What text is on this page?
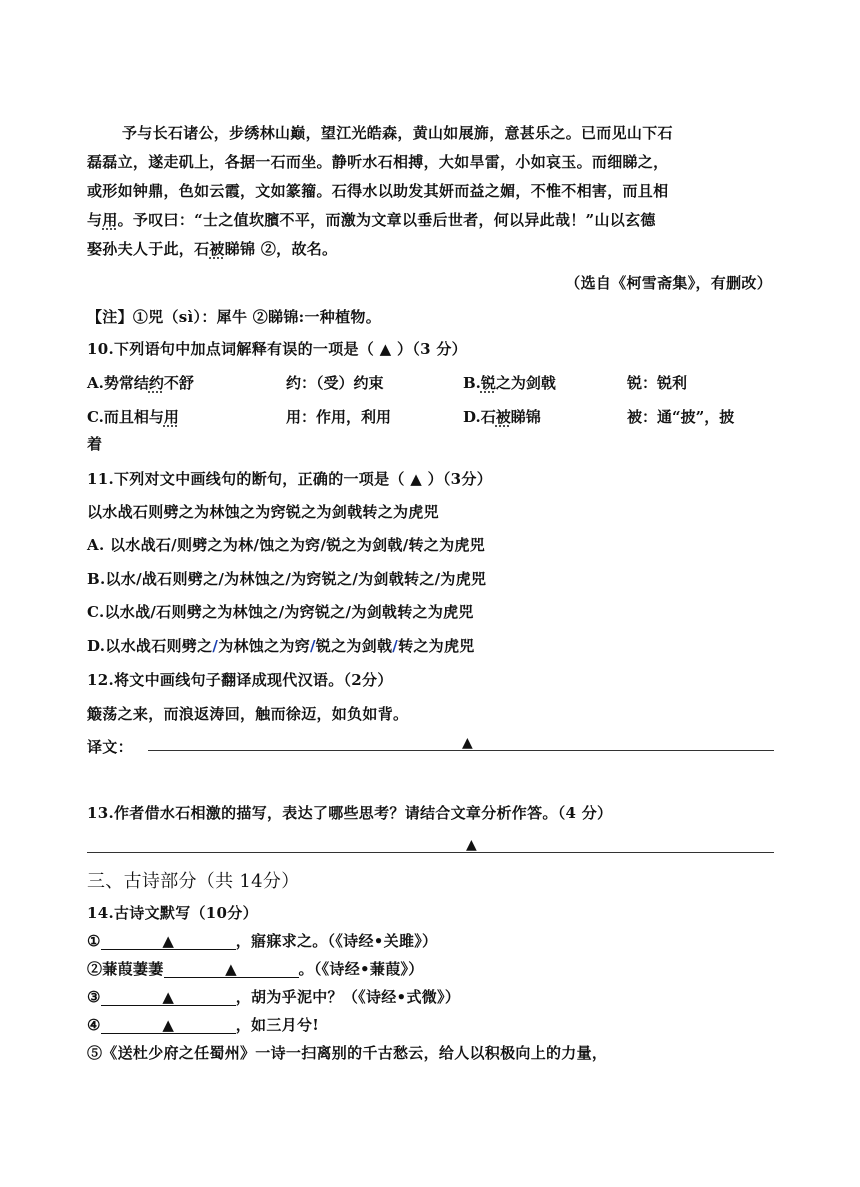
予与长石诸公，步绣林山巅，望江光皓森，黄山如展旆，意甚乐之。已而见山下石
磊磊立，遂走矶上，各据一石而坐。静听水石相搏，大如旱雷，小如哀玉。而细睇之，
或形如钟鼎，色如云霞，文如篆籀。石得水以助发其妍而益之媚，不惟不相害，而且相
与用。予叹曰：“士之值坎臏不平，而激为文章以垂后世者，何以异此哉！”山以玄德
娶孙夫人于此，石被睇锦 ②，故名。
（选自《柯雪斋集》，有删改）
【注】①兕（sì）：犀牛 ②睇锦:一种植物。
10.下列语句中加点词解释有误的一项是（ ▲ ）（3 分）
A.势常结约不舒	约：（受）约束	B.锐之为剑戟	锐：锐利
C.而且相与用	用：作用，利用	D.石被睇锦	被：通“披”，披
着
11.下列对文中画线句的断句，正确的一项是（ ▲ ）（3分）
以水战石则劈之为林蚀之为窍锐之为剑戟转之为虎兕
A. 以水战石/则劈之为林/蚀之为窍/锐之为剑戟/转之为虎兕
B.以水/战石则劈之/为林蚀之/为窍锐之/为剑戟转之/为虎兕
C.以水战/石则劈之为林蚀之/为窍锐之/为剑戟转之为虎兕
D.以水战石则劈之/为林蚀之为窍/锐之为剑戟/转之为虎兕
12.将文中画线句子翻译成现代汉语。（2分）
簸荡之来，而浪返涛回，触而徐迈，如负如背。
译文：	▲
13.作者借水石相激的描写，表达了哪些思考？请结合文章分析作答。（4 分）
▲
三、古诗部分（共 14分）
14.古诗文默写（10分）
①	▲	，寤寐求之。（《诗经•关雎》）
②蒹葭萋萋	▲	。（《诗经•蒹葭》）
③	▲	，胡为乎泥中？（《诗经•式微》）
④	▲	，如三月兮!
⑤《送杜少府之任蜀州》一诗一扫离别的千古愁云，给人以积极向上的力量，
